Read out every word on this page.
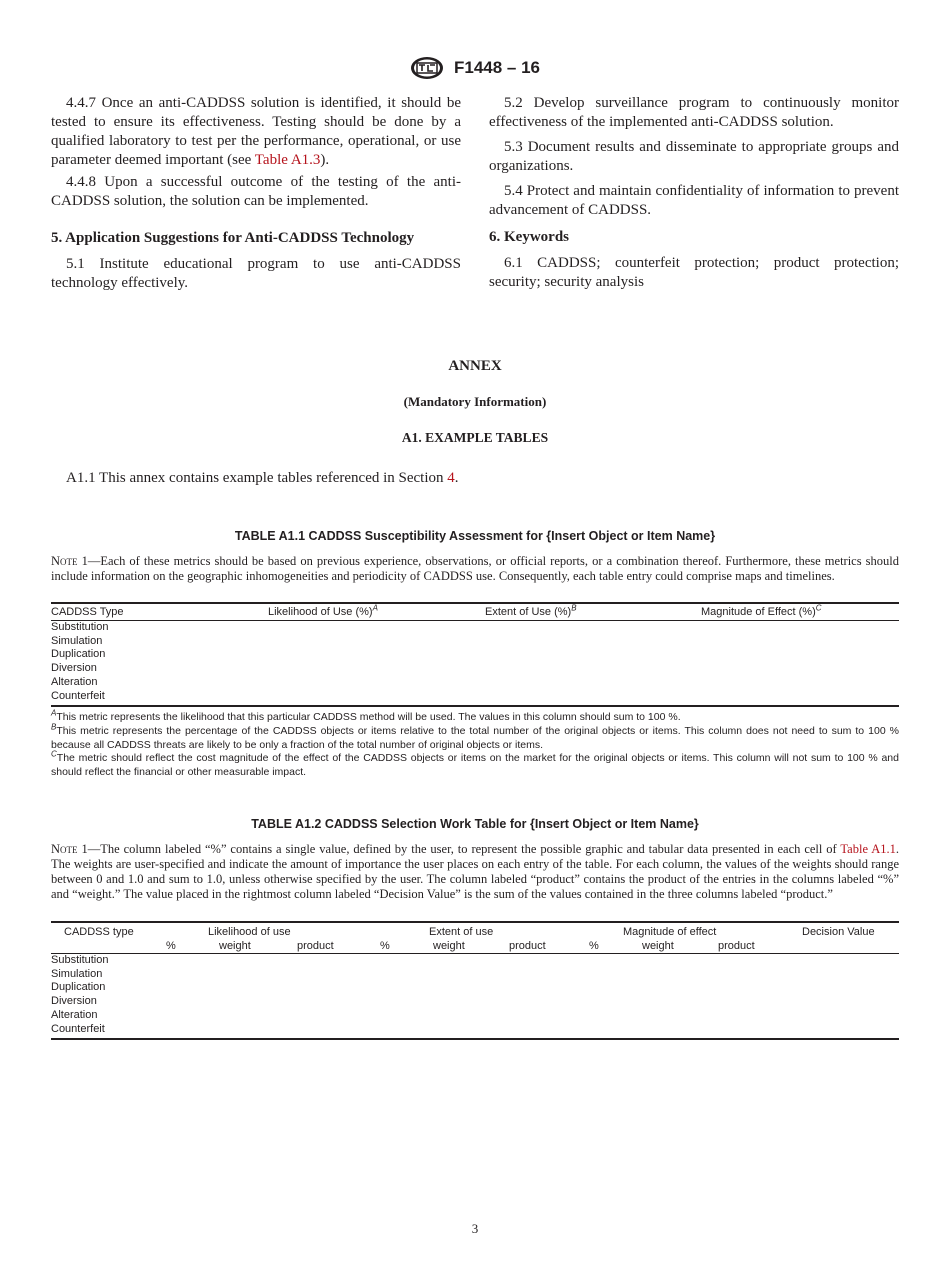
F1448 – 16

4.4.7 Once an anti-CADDSS solution is identified, it should be tested to ensure its effectiveness. Testing should be done by a qualified laboratory to test per the performance, operational, or use parameter deemed important (see Table A1.3).

4.4.8 Upon a successful outcome of the testing of the anti-CADDSS solution, the solution can be implemented.

5. Application Suggestions for Anti-CADDSS Technology

5.1 Institute educational program to use anti-CADDSS technology effectively.

5.2 Develop surveillance program to continuously monitor effectiveness of the implemented anti-CADDSS solution.

5.3 Document results and disseminate to appropriate groups and organizations.

5.4 Protect and maintain confidentiality of information to prevent advancement of CADDSS.

6. Keywords

6.1 CADDSS; counterfeit protection; product protection; security; security analysis

ANNEX
(Mandatory Information)
A1. EXAMPLE TABLES

A1.1 This annex contains example tables referenced in Section 4.

TABLE A1.1 CADDSS Susceptibility Assessment for {Insert Object or Item Name}
Note 1—Each of these metrics should be based on previous experience, observations, or official reports, or a combination thereof. Furthermore, these metrics should include information on the geographic inhomogeneities and periodicity of CADDSS use. Consequently, each table entry could comprise maps and timelines.
CADDSS Type	Likelihood of Use (%)$^A$	Extent of Use (%)$^B$	Magnitude of Effect (%)$^C$
Substitution
Simulation
Duplication
Diversion
Alteration
Counterfeit
$^A$This metric represents the likelihood that this particular CADDSS method will be used. The values in this column should sum to 100 %.
$^B$This metric represents the percentage of the CADDSS objects or items relative to the total number of the original objects or items. This column does not need to sum to 100 % because all CADDSS threats are likely to be only a fraction of the total number of original objects or items.
$^C$The metric should reflect the cost magnitude of the effect of the CADDSS objects or items on the market for the original objects or items. This column will not sum to 100 % and should reflect the financial or other measurable impact.
TABLE A1.2 CADDSS Selection Work Table for {Insert Object or Item Name}
Note 1—The column labeled “%” contains a single value, defined by the user, to represent the possible graphic and tabular data presented in each cell of Table A1.1. The weights are user-specified and indicate the amount of importance the user places on each entry of the table. For each column, the values of the weights should range between 0 and 1.0 and sum to 1.0, unless otherwise specified by the user. The column labeled “product” contains the product of the entries in the columns labeled “%” and “weight.” The value placed in the rightmost column labeled “Decision Value” is the sum of the values contained in the three columns labeled “product.”
CADDSS type	Likelihood of use	Extent of use	Magnitude of effect	Decision Value
%	weight	product	%	weight	product	%	weight	product
Substitution
Simulation
Duplication
Diversion
Alteration
Counterfeit
3
